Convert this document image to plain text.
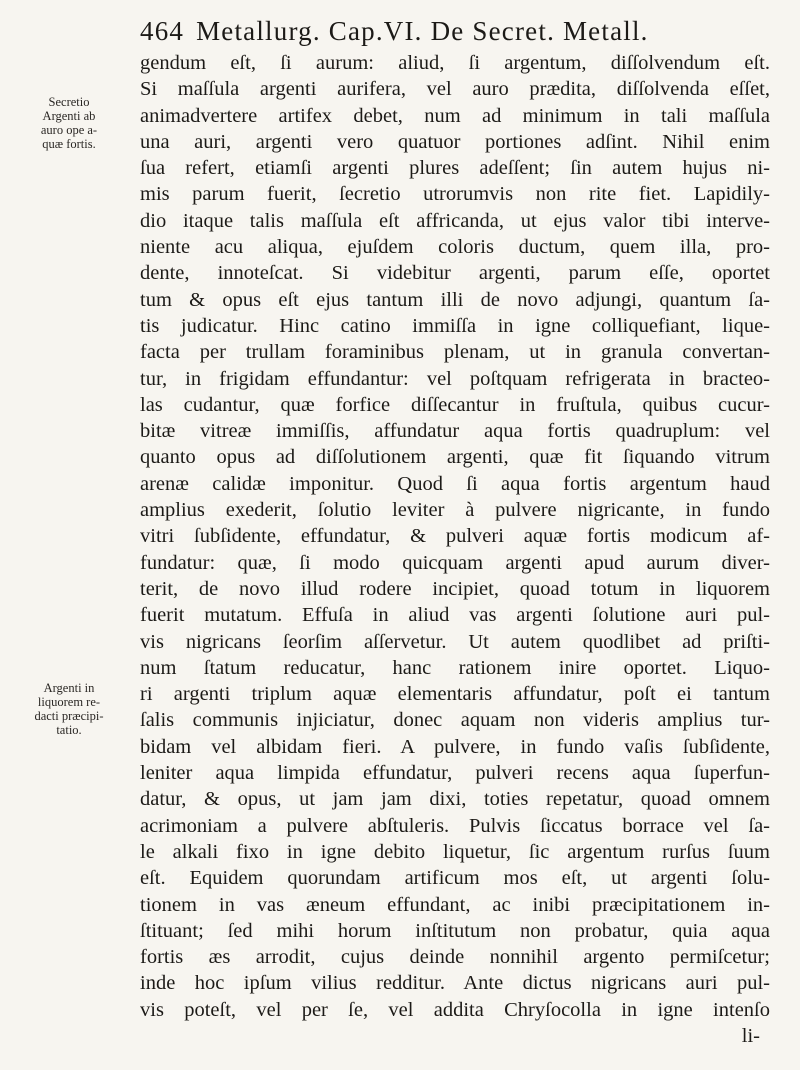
464 Metallurg. Cap.VI. De Secret. Metall.
Secretio
Argenti ab
auro ope a-
quæ fortis.
Argenti in
liquorem re-
dacti præcipi-
tatio.
gendum eſt, ſi aurum: aliud, ſi argentum, diſſolvendum eſt.
Si maſſula argenti aurifera, vel auro prædita, diſſolvenda eſſet,
animadvertere artifex debet, num ad minimum in tali maſſula
una auri, argenti vero quatuor portiones adſint. Nihil enim
ſua refert, etiamſi argenti plures adeſſent; ſin autem hujus ni-
mis parum fuerit, ſecretio utrorumvis non rite fiet. Lapidily-
dio itaque talis maſſula eſt affricanda, ut ejus valor tibi interve-
niente acu aliqua, ejuſdem coloris ductum, quem illa, pro-
dente, innoteſcat. Si videbitur argenti, parum eſſe, oportet
tum & opus eſt ejus tantum illi de novo adjungi, quantum ſa-
tis judicatur. Hinc catino immiſſa in igne colliquefiant, lique-
facta per trullam foraminibus plenam, ut in granula convertan-
tur, in frigidam effundantur: vel poſtquam refrigerata in bracteo-
las cudantur, quæ forfice diſſecantur in fruſtula, quibus cucur-
bitæ vitreæ immiſſis, affundatur aqua fortis quadruplum: vel
quanto opus ad diſſolutionem argenti, quæ fit ſiquando vitrum
arenæ calidæ imponitur. Quod ſi aqua fortis argentum haud
amplius exederit, ſolutio leviter à pulvere nigricante, in fundo
vitri ſubſidente, effundatur, & pulveri aquæ fortis modicum af-
fundatur: quæ, ſi modo quicquam argenti apud aurum diver-
terit, de novo illud rodere incipiet, quoad totum in liquorem
fuerit mutatum. Effuſa in aliud vas argenti ſolutione auri pul-
vis nigricans ſeorſim aſſervetur. Ut autem quodlibet ad priſti-
num ſtatum reducatur, hanc rationem inire oportet. Liquo-
ri argenti triplum aquæ elementaris affundatur, poſt ei tantum
ſalis communis injiciatur, donec aquam non videris amplius tur-
bidam vel albidam fieri. A pulvere, in fundo vaſis ſubſidente,
leniter aqua limpida effundatur, pulveri recens aqua ſuperfun-
datur, & opus, ut jam jam dixi, toties repetatur, quoad omnem
acrimoniam a pulvere abſtuleris. Pulvis ſiccatus borrace vel ſa-
le alkali fixo in igne debito liquetur, ſic argentum rurſus ſuum
eſt. Equidem quorundam artificum mos eſt, ut argenti ſolu-
tionem in vas æneum effundant, ac inibi præcipitationem in-
ſtituant; ſed mihi horum inſtitutum non probatur, quia aqua
fortis æs arrodit, cujus deinde nonnihil argento permiſcetur;
inde hoc ipſum vilius redditur. Ante dictus nigricans auri pul-
vis poteſt, vel per ſe, vel addita Chryſocolla in igne intenſo
li-
